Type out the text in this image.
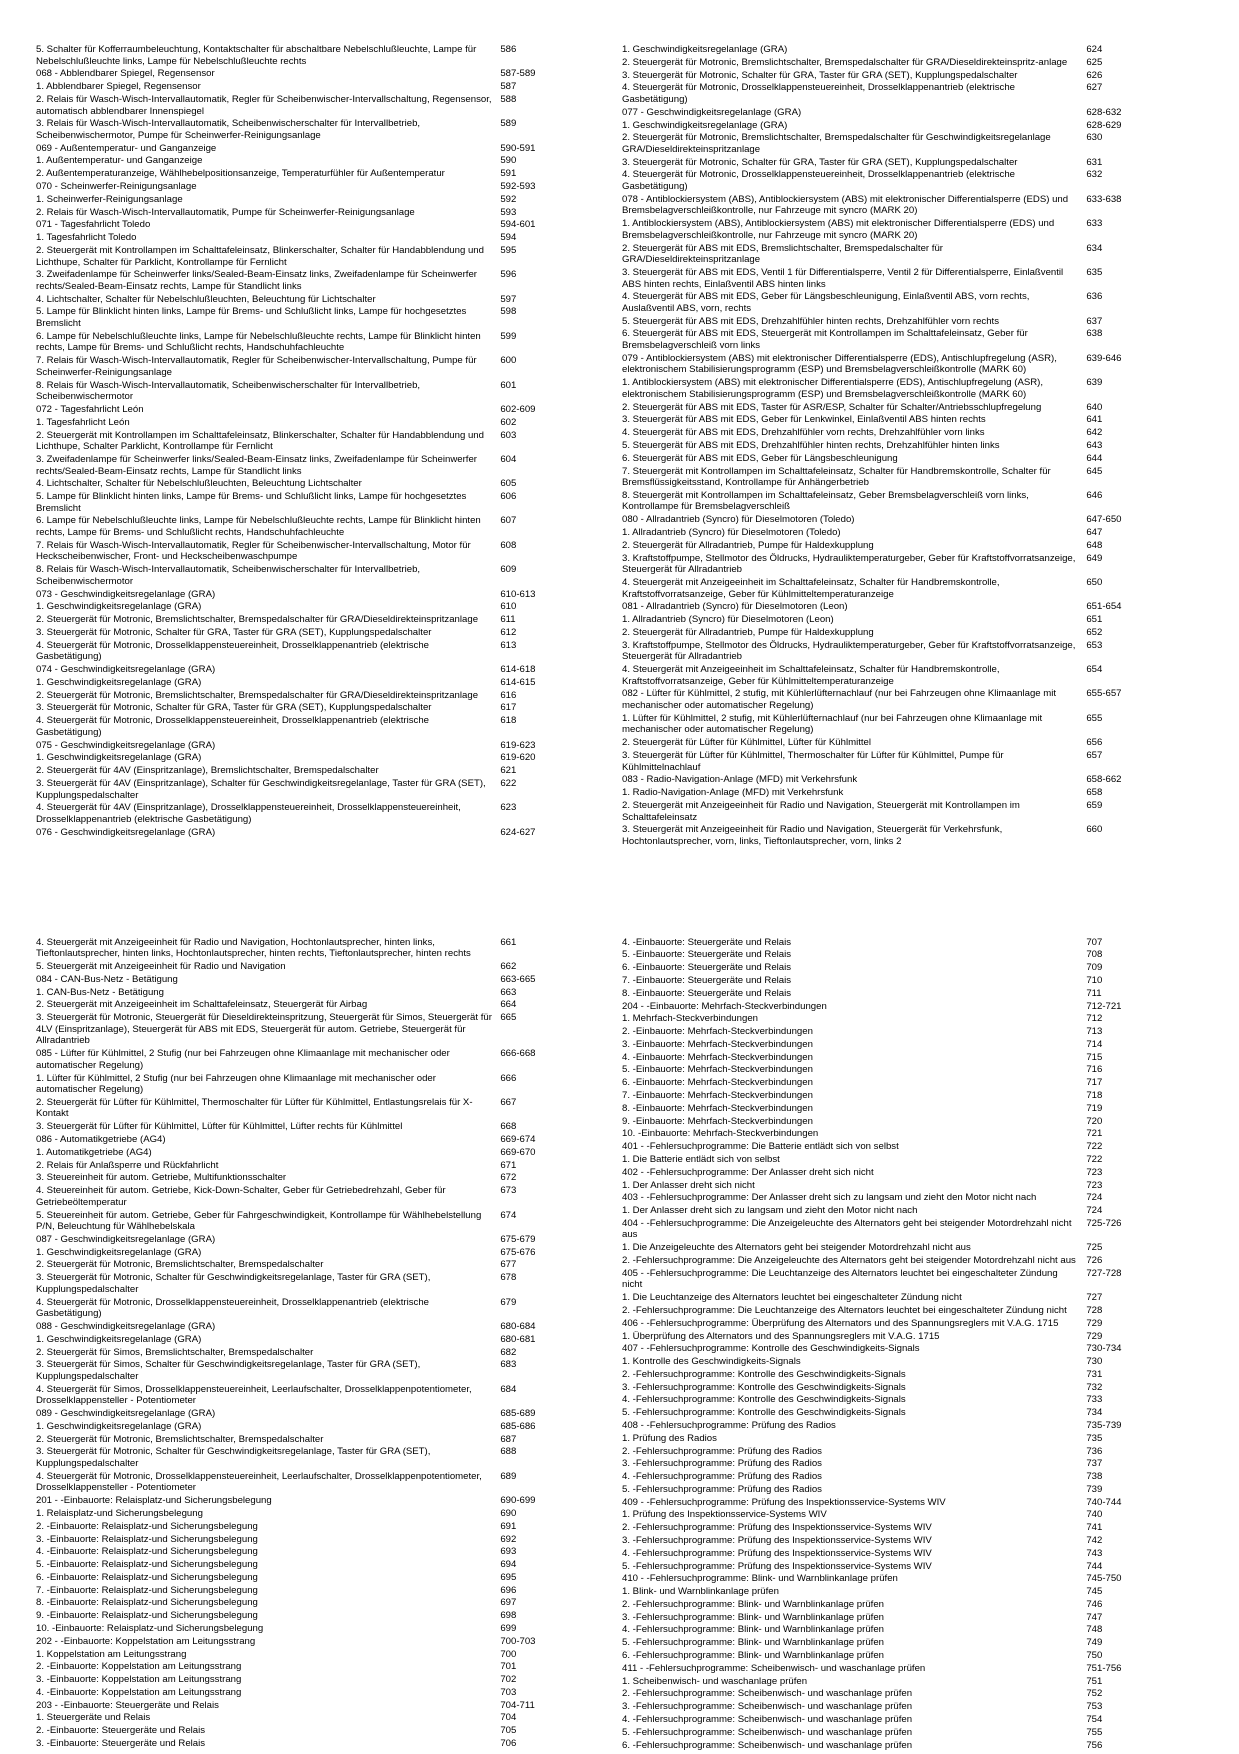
5. Schalter für Kofferraumbeleuchtung, Kontaktschalter für abschaltbare Nebelschlußleuchte, Lampe für Nebelschlußleuchte links, Lampe für Nebelschlußleuchte rechts	586
068 - Abblendbarer Spiegel, Regensensor	587-589
1. Abblendbarer Spiegel, Regensensor	587
2. Relais für Wasch-Wisch-Intervallautomatik, Regler für Scheibenwischer-Intervallschaltung, Regensensor, automatisch abblendbarer Innenspiegel	588
3. Relais für Wasch-Wisch-Intervallautomatik, Scheibenwischerschalter für Intervallbetrieb, Scheibenwischermotor, Pumpe für Scheinwerfer-Reinigungsanlage	589
069 - Außentemperatur- und Ganganzeige	590-591
1. Außentemperatur- und Ganganzeige	590
2. Außentemperaturanzeige, Wählhebelpositionsanzeige, Temperaturfühler für Außentemperatur	591
070 - Scheinwerfer-Reinigungsanlage	592-593
1. Scheinwerfer-Reinigungsanlage	592
2. Relais für Wasch-Wisch-Intervallautomatik, Pumpe für Scheinwerfer-Reinigungsanlage	593
071 - Tagesfahrlicht Toledo	594-601
1. Tagesfahrlicht Toledo	594
2. Steuergerät mit Kontrollampen im Schalttafeleinsatz, Blinkerschalter, Schalter für Handabblendung und Lichthupe, Schalter für Parklicht, Kontrollampe für Fernlicht	595
3. Zweifadenlampe für Scheinwerfer links/Sealed-Beam-Einsatz links, Zweifadenlampe für Scheinwerfer rechts/Sealed-Beam-Einsatz rechts, Lampe für Standlicht links	596
4. Lichtschalter, Schalter für Nebelschlußleuchten, Beleuchtung für Lichtschalter	597
5. Lampe für Blinklicht hinten links, Lampe für Brems- und Schlußlicht links, Lampe für hochgesetztes Bremslicht	598
6. Lampe für Nebelschlußleuchte links, Lampe für Nebelschlußleuchte rechts, Lampe für Blinklicht hinten rechts, Lampe für Brems- und Schlußlicht rechts, Handschuhfachleuchte	599
7. Relais für Wasch-Wisch-Intervallautomatik, Regler für Scheibenwischer-Intervallschaltung, Pumpe für Scheinwerfer-Reinigungsanlage	600
8. Relais für Wasch-Wisch-Intervallautomatik, Scheibenwischerschalter für Intervallbetrieb, Scheibenwischermotor	601
072 - Tagesfahrlicht León	602-609
1. Tagesfahrlicht León	602
2. Steuergerät mit Kontrollampen im Schalttafeleinsatz, Blinkerschalter, Schalter für Handabblendung und Lichthupe, Schalter Parklicht, Kontrollampe für Fernlicht	603
3. Zweifadenlampe für Scheinwerfer links/Sealed-Beam-Einsatz links, Zweifadenlampe für Scheinwerfer rechts/Sealed-Beam-Einsatz rechts, Lampe für Standlicht links	604
4. Lichtschalter, Schalter für Nebelschlußleuchten, Beleuchtung Lichtschalter	605
5. Lampe für Blinklicht hinten links, Lampe für Brems- und Schlußlicht links, Lampe für hochgesetztes Bremslicht	606
6. Lampe für Nebelschlußleuchte links, Lampe für Nebelschlußleuchte rechts, Lampe für Blinklicht hinten rechts, Lampe für Brems- und Schlußlicht rechts, Handschuhfachleuchte	607
7. Relais für Wasch-Wisch-Intervallautomatik, Regler für Scheibenwischer-Intervallschaltung, Motor für Heckscheibenwischer, Front- und Heckscheibenwaschpumpe	608
8. Relais für Wasch-Wisch-Intervallautomatik, Scheibenwischerschalter für Intervallbetrieb, Scheibenwischermotor	609
073 - Geschwindigkeitsregelanlage (GRA)	610-613
1. Geschwindigkeitsregelanlage (GRA)	610
2. Steuergerät für Motronic, Bremslichtschalter, Bremspedalschalter für GRA/Dieseldirekteinspritzanlage	611
3. Steuergerät für Motronic, Schalter für GRA, Taster für GRA (SET), Kupplungspedalschalter	612
4. Steuergerät für Motronic, Drosselklappensteuereinheit, Drosselklappenantrieb (elektrische Gasbetätigung)	613
074 - Geschwindigkeitsregelanlage (GRA)	614-618
1. Geschwindigkeitsregelanlage (GRA)	614-615
2. Steuergerät für Motronic, Bremslichtschalter, Bremspedalschalter für GRA/Dieseldirekteinspritzanlage	616
3. Steuergerät für Motronic, Schalter für GRA, Taster für GRA (SET), Kupplungspedalschalter	617
4. Steuergerät für Motronic, Drosselklappensteuereinheit, Drosselklappenantrieb (elektrische Gasbetätigung)	618
075 - Geschwindigkeitsregelanlage (GRA)	619-623
1. Geschwindigkeitsregelanlage (GRA)	619-620
2. Steuergerät für 4AV (Einspritzanlage), Bremslichtschalter, Bremspedalschalter	621
3. Steuergerät für 4AV (Einspritzanlage), Schalter für Geschwindigkeitsregelanlage, Taster für GRA (SET), Kupplungspedalschalter	622
4. Steuergerät für 4AV (Einspritzanlage), Drosselklappensteuereinheit, Drosselklappensteuereinheit, Drosselklappenantrieb (elektrische Gasbetätigung)	623
076 - Geschwindigkeitsregelanlage (GRA)	624-627
1. Geschwindigkeitsregelanlage (GRA)	624
2. Steuergerät für Motronic, Bremslichtschalter, Bremspedalschalter für GRA/Dieseldirekteinspritz-anlage	625
3. Steuergerät für Motronic, Schalter für GRA, Taster für GRA (SET), Kupplungspedalschalter	626
4. Steuergerät für Motronic, Drosselklappensteuereinheit, Drosselklappenantrieb (elektrische Gasbetätigung)	627
077 - Geschwindigkeitsregelanlage (GRA)	628-632
1. Geschwindigkeitsregelanlage (GRA)	628-629
2. Steuergerät für Motronic, Bremslichtschalter, Bremspedalschalter für Geschwindigkeitsregelanlage GRA/Dieseldirekteinspritzanlage	630
3. Steuergerät für Motronic, Schalter für GRA, Taster für GRA (SET), Kupplungspedalschalter	631
4. Steuergerät für Motronic, Drosselklappensteuereinheit, Drosselklappenantrieb (elektrische Gasbetätigung)	632
078 - Antiblockiersystem (ABS), Antiblockiersystem (ABS) mit elektronischer Differentialsperre (EDS) und Bremsbelagverschleißkontrolle, nur Fahrzeuge mit syncro (MARK 20)	633-638
1. Antiblockiersystem (ABS), Antiblockiersystem (ABS) mit elektronischer Differentialsperre (EDS) und Bremsbelagverschleißkontrolle, nur Fahrzeuge mit syncro (MARK 20)	633
2. Steuergerät für ABS mit EDS, Bremslichtschalter, Bremspedalschalter für GRA/Dieseldirekteinspritzanlage	634
3. Steuergerät für ABS mit EDS, Ventil 1 für Differentialsperre, Ventil 2 für Differentialsperre, Einlaßventil ABS hinten rechts, Einlaßventil ABS hinten links	635
4. Steuergerät für ABS mit EDS, Geber für Längsbeschleunigung, Einlaßventil ABS, vorn rechts, Auslaßventil ABS, vorn, rechts	636
5. Steuergerät für ABS mit EDS, Drehzahlfühler hinten rechts, Drehzahlfühler vorn rechts	637
6. Steuergerät für ABS mit EDS, Steuergerät mit Kontrollampen im Schalttafeleinsatz, Geber für Bremsbelagverschleiß vorn links	638
079 - Antiblockiersystem (ABS) mit elektronischer Differentialsperre (EDS), Antischlupfregelung (ASR), elektronischem Stabilisierungsprogramm (ESP) und Bremsbelagverschleißkontrolle (MARK 60)	639-646
1. Antiblockiersystem (ABS) mit elektronischer Differentialsperre (EDS), Antischlupfregelung (ASR), elektronischem Stabilisierungsprogramm (ESP) und Bremsbelagverschleißkontrolle (MARK 60)	639
2. Steuergerät für ABS mit EDS, Taster für ASR/ESP, Schalter für Schalter/Antriebsschlupfregelung	640
3. Steuergerät für ABS mit EDS, Geber für Lenkwinkel, Einlaßventil ABS hinten rechts	641
4. Steuergerät für ABS mit EDS, Drehzahlfühler vorn rechts, Drehzahlfühler vorn links	642
5. Steuergerät für ABS mit EDS, Drehzahlfühler hinten rechts, Drehzahlfühler hinten links	643
6. Steuergerät für ABS mit EDS, Geber für Längsbeschleunigung	644
7. Steuergerät mit Kontrollampen im Schalttafeleinsatz, Schalter für Handbremskontrolle, Schalter für Bremsflüssigkeitsstand, Kontrollampe für Anhängerbetrieb	645
8. Steuergerät mit Kontrollampen im Schalttafeleinsatz, Geber Bremsbelagverschleiß vorn links, Kontrollampe für Bremsbelagverschleiß	646
080 - Allradantrieb (Syncro) für Dieselmotoren (Toledo)	647-650
1. Allradantrieb (Syncro) für Dieselmotoren (Toledo)	647
2. Steuergerät für Allradantrieb, Pumpe für Haldexkupplung	648
3. Kraftstoffpumpe, Stellmotor des Öldrucks, Hydrauliktemperaturgeber, Geber für Kraftstoffvorratsanzeige, Steuergerät für Allradantrieb	649
4. Steuergerät mit Anzeigeeinheit im Schalttafeleinsatz, Schalter für Handbremskontrolle, Kraftstoffvorratsanzeige, Geber für Kühlmitteltemperaturanzeige	650
081 - Allradantrieb (Syncro) für Dieselmotoren (Leon)	651-654
1. Allradantrieb (Syncro) für Dieselmotoren (Leon)	651
2. Steuergerät für Allradantrieb, Pumpe für Haldexkupplung	652
3. Kraftstoffpumpe, Stellmotor des Öldrucks, Hydrauliktemperaturgeber, Geber für Kraftstoffvorratsanzeige, Steuergerät für Allradantrieb	653
4. Steuergerät mit Anzeigeeinheit im Schalttafeleinsatz, Schalter für Handbremskontrolle, Kraftstoffvorratsanzeige, Geber für Kühlmitteltemperaturanzeige	654
082 - Lüfter für Kühlmittel, 2 stufig, mit Kühlerlüfternachlauf (nur bei Fahrzeugen ohne Klimaanlage mit mechanischer oder automatischer Regelung)	655-657
1. Lüfter für Kühlmittel, 2 stufig, mit Kühlerlüfternachlauf (nur bei Fahrzeugen ohne Klimaanlage mit mechanischer oder automatischer Regelung)	655
2. Steuergerät für Lüfter für Kühlmittel, Lüfter für Kühlmittel	656
3. Steuergerät für Lüfter für Kühlmittel, Thermoschalter für Lüfter für Kühlmittel, Pumpe für Kühlmittelnachlauf	657
083 - Radio-Navigation-Anlage (MFD) mit Verkehrsfunk	658-662
1. Radio-Navigation-Anlage (MFD) mit Verkehrsfunk	658
2. Steuergerät mit Anzeigeeinheit für Radio und Navigation, Steuergerät mit Kontrollampen im Schalttafeleinsatz	659
3. Steuergerät mit Anzeigeeinheit für Radio und Navigation, Steuergerät für Verkehrsfunk, Hochtonlautsprecher, vorn, links, Tieftonlautsprecher, vorn, links 2	660
4. Steuergerät mit Anzeigeeinheit für Radio und Navigation, Hochtonlautsprecher, hinten links, Tieftonlautsprecher, hinten links, Hochtonlautsprecher, hinten rechts, Tieftonlautsprecher, hinten rechts	661
5. Steuergerät mit Anzeigeeinheit für Radio und Navigation	662
084 - CAN-Bus-Netz - Betätigung	663-665
1. CAN-Bus-Netz - Betätigung	663
2. Steuergerät mit Anzeigeeinheit im Schalttafeleinsatz, Steuergerät für Airbag	664
3. Steuergerät für Motronic, Steuergerät für Dieseldirekteinspritzung, Steuergerät für Simos, Steuergerät für 4LV (Einspritzanlage), Steuergerät für ABS mit EDS, Steuergerät für autom. Getriebe, Steuergerät für Allradantrieb	665
085 - Lüfter für Kühlmittel, 2 Stufig (nur bei Fahrzeugen ohne Klimaanlage mit mechanischer oder automatischer Regelung)	666-668
1. Lüfter für Kühlmittel, 2 Stufig (nur bei Fahrzeugen ohne Klimaanlage mit mechanischer oder automatischer Regelung)	666
2. Steuergerät für Lüfter für Kühlmittel, Thermoschalter für Lüfter für Kühlmittel, Entlastungsrelais für X-Kontakt	667
3. Steuergerät für Lüfter für Kühlmittel, Lüfter für Kühlmittel, Lüfter rechts für Kühlmittel	668
086 - Automatikgetriebe (AG4)	669-674
1. Automatikgetriebe (AG4)	669-670
2. Relais für Anlaßsperre und Rückfahrlicht	671
3. Steuereinheit für autom. Getriebe, Multifunktionsschalter	672
4. Steuereinheit für autom. Getriebe, Kick-Down-Schalter, Geber für Getriebedrehzahl, Geber für Getriebeöltemperatur	673
5. Steuereinheit für autom. Getriebe, Geber für Fahrgeschwindigkeit, Kontrollampe für Wählhebelstellung P/N, Beleuchtung für Wählhebelskala	674
087 - Geschwindigkeitsregelanlage (GRA)	675-679
1. Geschwindigkeitsregelanlage (GRA)	675-676
2. Steuergerät für Motronic, Bremslichtschalter, Bremspedalschalter	677
3. Steuergerät für Motronic, Schalter für Geschwindigkeitsregelanlage, Taster für GRA (SET), Kupplungspedalschalter	678
4. Steuergerät für Motronic, Drosselklappensteuereinheit, Drosselklappenantrieb (elektrische Gasbetätigung)	679
088 - Geschwindigkeitsregelanlage (GRA)	680-684
1. Geschwindigkeitsregelanlage (GRA)	680-681
2. Steuergerät für Simos, Bremslichtschalter, Bremspedalschalter	682
3. Steuergerät für Simos, Schalter für Geschwindigkeitsregelanlage, Taster für GRA (SET), Kupplungspedalschalter	683
4. Steuergerät für Simos, Drosselklappensteuereinheit, Leerlaufschalter, Drosselklappenpotentiometer, Drosselklappensteller - Potentiometer	684
089 - Geschwindigkeitsregelanlage (GRA)	685-689
1. Geschwindigkeitsregelanlage (GRA)	685-686
2. Steuergerät für Motronic, Bremslichtschalter, Bremspedalschalter	687
3. Steuergerät für Motronic, Schalter für Geschwindigkeitsregelanlage, Taster für GRA (SET), Kupplungspedalschalter	688
4. Steuergerät für Motronic, Drosselklappensteuereinheit, Leerlaufschalter, Drosselklappenpotentiometer, Drosselklappensteller - Potentiometer	689
201 - -Einbauorte: Relaisplatz-und Sicherungsbelegung	690-699
1. Relaisplatz-und Sicherungsbelegung	690
2. -Einbauorte: Relaisplatz-und Sicherungsbelegung	691
3. -Einbauorte: Relaisplatz-und Sicherungsbelegung	692
4. -Einbauorte: Relaisplatz-und Sicherungsbelegung	693
5. -Einbauorte: Relaisplatz-und Sicherungsbelegung	694
6. -Einbauorte: Relaisplatz-und Sicherungsbelegung	695
7. -Einbauorte: Relaisplatz-und Sicherungsbelegung	696
8. -Einbauorte: Relaisplatz-und Sicherungsbelegung	697
9. -Einbauorte: Relaisplatz-und Sicherungsbelegung	698
10. -Einbauorte: Relaisplatz-und Sicherungsbelegung	699
202 - -Einbauorte: Koppelstation am Leitungsstrang	700-703
1. Koppelstation am Leitungsstrang	700
2. -Einbauorte: Koppelstation am Leitungsstrang	701
3. -Einbauorte: Koppelstation am Leitungsstrang	702
4. -Einbauorte: Koppelstation am Leitungsstrang	703
203 - -Einbauorte: Steuergeräte und Relais	704-711
1. Steuergeräte und Relais	704
2. -Einbauorte: Steuergeräte und Relais	705
3. -Einbauorte: Steuergeräte und Relais	706
4. -Einbauorte: Steuergeräte und Relais	707
5. -Einbauorte: Steuergeräte und Relais	708
6. -Einbauorte: Steuergeräte und Relais	709
7. -Einbauorte: Steuergeräte und Relais	710
8. -Einbauorte: Steuergeräte und Relais	711
204 - -Einbauorte: Mehrfach-Steckverbindungen	712-721
1. Mehrfach-Steckverbindungen	712
2. -Einbauorte: Mehrfach-Steckverbindungen	713
3. -Einbauorte: Mehrfach-Steckverbindungen	714
4. -Einbauorte: Mehrfach-Steckverbindungen	715
5. -Einbauorte: Mehrfach-Steckverbindungen	716
6. -Einbauorte: Mehrfach-Steckverbindungen	717
7. -Einbauorte: Mehrfach-Steckverbindungen	718
8. -Einbauorte: Mehrfach-Steckverbindungen	719
9. -Einbauorte: Mehrfach-Steckverbindungen	720
10. -Einbauorte: Mehrfach-Steckverbindungen	721
401 - -Fehlersuchprogramme: Die Batterie entlädt sich von selbst	722
1. Die Batterie entlädt sich von selbst	722
402 - -Fehlersuchprogramme: Der Anlasser dreht sich nicht	723
1. Der Anlasser dreht sich nicht	723
403 - -Fehlersuchprogramme: Der Anlasser dreht sich zu langsam und zieht den Motor nicht nach	724
1. Der Anlasser dreht sich zu langsam und zieht den Motor nicht nach	724
404 - -Fehlersuchprogramme: Die Anzeigeleuchte des Alternators geht bei steigender Motordrehzahl nicht aus	725-726
1. Die Anzeigeleuchte des Alternators geht bei steigender Motordrehzahl nicht aus	725
2. -Fehlersuchprogramme: Die Anzeigeleuchte des Alternators geht bei steigender Motordrehzahl nicht aus	726
405 - -Fehlersuchprogramme: Die Leuchtanzeige des Alternators leuchtet bei eingeschalteter Zündung nicht	727-728
1. Die Leuchtanzeige des Alternators leuchtet bei eingeschalteter Zündung nicht	727
2. -Fehlersuchprogramme: Die Leuchtanzeige des Alternators leuchtet bei eingeschalteter Zündung nicht	728
406 - -Fehlersuchprogramme: Überprüfung des Alternators und des Spannungsreglers mit V.A.G. 1715	729
1. Überprüfung des Alternators und des Spannungsreglers mit V.A.G. 1715	729
407 - -Fehlersuchprogramme: Kontrolle des Geschwindigkeits-Signals	730-734
1. Kontrolle des Geschwindigkeits-Signals	730
2. -Fehlersuchprogramme: Kontrolle des Geschwindigkeits-Signals	731
3. -Fehlersuchprogramme: Kontrolle des Geschwindigkeits-Signals	732
4. -Fehlersuchprogramme: Kontrolle des Geschwindigkeits-Signals	733
5. -Fehlersuchprogramme: Kontrolle des Geschwindigkeits-Signals	734
408 - -Fehlersuchprogramme: Prüfung des Radios	735-739
1. Prüfung des Radios	735
2. -Fehlersuchprogramme: Prüfung des Radios	736
3. -Fehlersuchprogramme: Prüfung des Radios	737
4. -Fehlersuchprogramme: Prüfung des Radios	738
5. -Fehlersuchprogramme: Prüfung des Radios	739
409 - -Fehlersuchprogramme: Prüfung des Inspektionsservice-Systems WIV	740-744
1. Prüfung des Inspektionsservice-Systems WIV	740
2. -Fehlersuchprogramme: Prüfung des Inspektionsservice-Systems WIV	741
3. -Fehlersuchprogramme: Prüfung des Inspektionsservice-Systems WIV	742
4. -Fehlersuchprogramme: Prüfung des Inspektionsservice-Systems WIV	743
5. -Fehlersuchprogramme: Prüfung des Inspektionsservice-Systems WIV	744
410 - -Fehlersuchprogramme: Blink- und Warnblinkanlage prüfen	745-750
1. Blink- und Warnblinkanlage prüfen	745
2. -Fehlersuchprogramme: Blink- und Warnblinkanlage prüfen	746
3. -Fehlersuchprogramme: Blink- und Warnblinkanlage prüfen	747
4. -Fehlersuchprogramme: Blink- und Warnblinkanlage prüfen	748
5. -Fehlersuchprogramme: Blink- und Warnblinkanlage prüfen	749
6. -Fehlersuchprogramme: Blink- und Warnblinkanlage prüfen	750
411 - -Fehlersuchprogramme: Scheibenwisch- und waschanlage prüfen	751-756
1. Scheibenwisch- und waschanlage prüfen	751
2. -Fehlersuchprogramme: Scheibenwisch- und waschanlage prüfen	752
3. -Fehlersuchprogramme: Scheibenwisch- und waschanlage prüfen	753
4. -Fehlersuchprogramme: Scheibenwisch- und waschanlage prüfen	754
5. -Fehlersuchprogramme: Scheibenwisch- und waschanlage prüfen	755
6. -Fehlersuchprogramme: Scheibenwisch- und waschanlage prüfen	756
